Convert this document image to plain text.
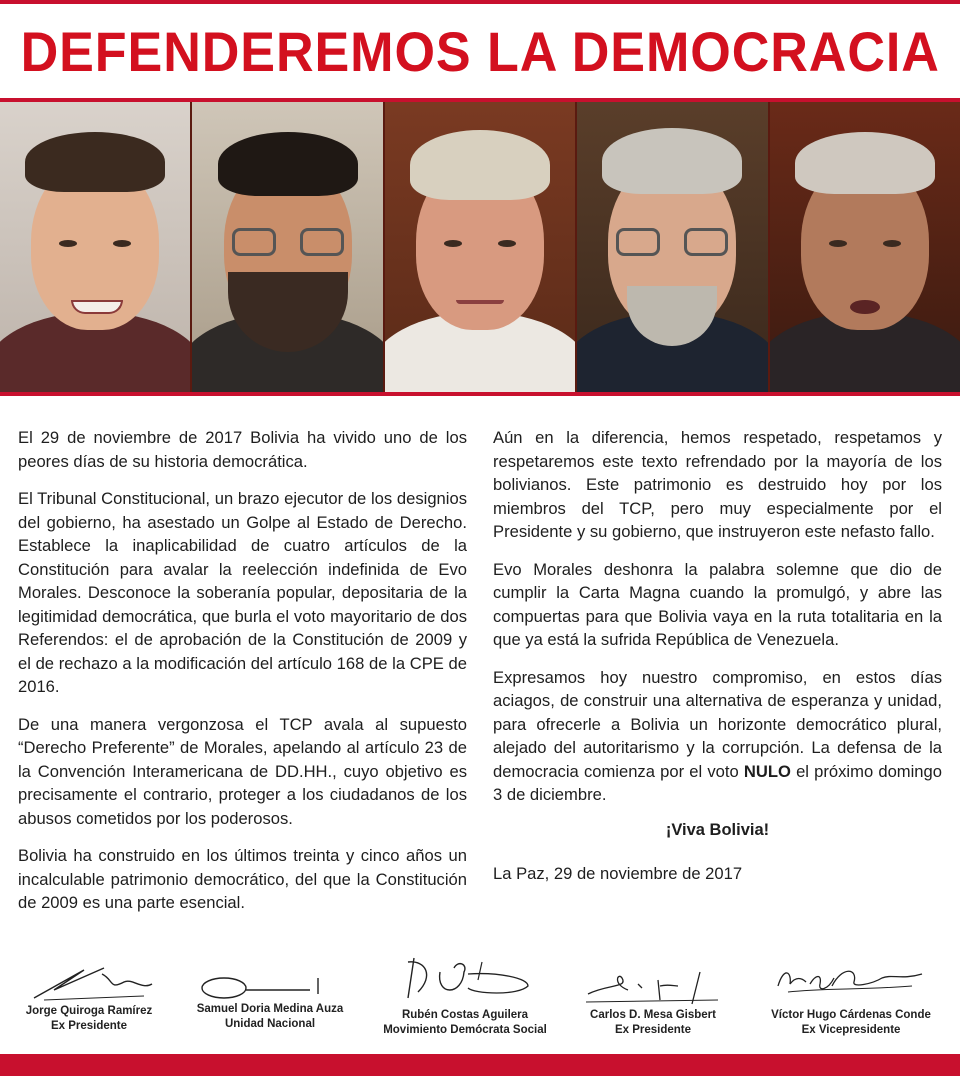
DEFENDEREMOS LA DEMOCRACIA

El 29 de noviembre de 2017 Bolivia ha vivido uno de los peores días de su historia democrática.

El Tribunal Constitucional, un brazo ejecutor de los designios del gobierno, ha asestado un Golpe al Estado de Derecho. Establece la inaplicabilidad de cuatro artículos de la Constitución para avalar la reelección indefinida de Evo Morales. Desconoce la soberanía popular, depositaria de la legitimidad democrática, que burla el voto mayoritario de dos Referendos: el de aprobación de la Constitución de 2009 y el de rechazo a la modificación del artículo 168 de la CPE de 2016.

De una manera vergonzosa el TCP avala al supuesto “Derecho Preferente” de Morales, apelando al artículo 23 de la Convención Interamericana de DD.HH., cuyo objetivo es precisamente el contrario, proteger a los ciudadanos de los abusos cometidos por los poderosos.

Bolivia ha construido en los últimos treinta y cinco años un incalculable patrimonio democrático, del que la Constitución de 2009 es una parte esencial.

Aún en la diferencia, hemos respetado, respetamos y respetaremos este texto refrendado por la mayoría de los bolivianos. Este patrimonio es destruido hoy por los miembros del TCP, pero muy especialmente por el Presidente y su gobierno, que instruyeron este nefasto fallo.

Evo Morales deshonra la palabra solemne que dio de cumplir la Carta Magna cuando la promulgó, y abre las compuertas para que Bolivia vaya en la ruta totalitaria en la que ya está la sufrida República de Venezuela.

Expresamos hoy nuestro compromiso, en estos días aciagos, de construir una alternativa de esperanza y unidad, para ofrecerle a Bolivia un horizonte democrático plural, alejado del autoritarismo y la corrupción. La defensa de la democracia comienza por el voto NULO el próximo domingo 3 de diciembre.

¡Viva Bolivia!

La Paz, 29 de noviembre de 2017

Jorge Quiroga Ramírez
Ex Presidente
Samuel Doria Medina Auza
Unidad Nacional
Rubén Costas Aguilera
Movimiento Demócrata Social
Carlos D. Mesa Gisbert
Ex Presidente
Víctor Hugo Cárdenas Conde
Ex Vicepresidente
